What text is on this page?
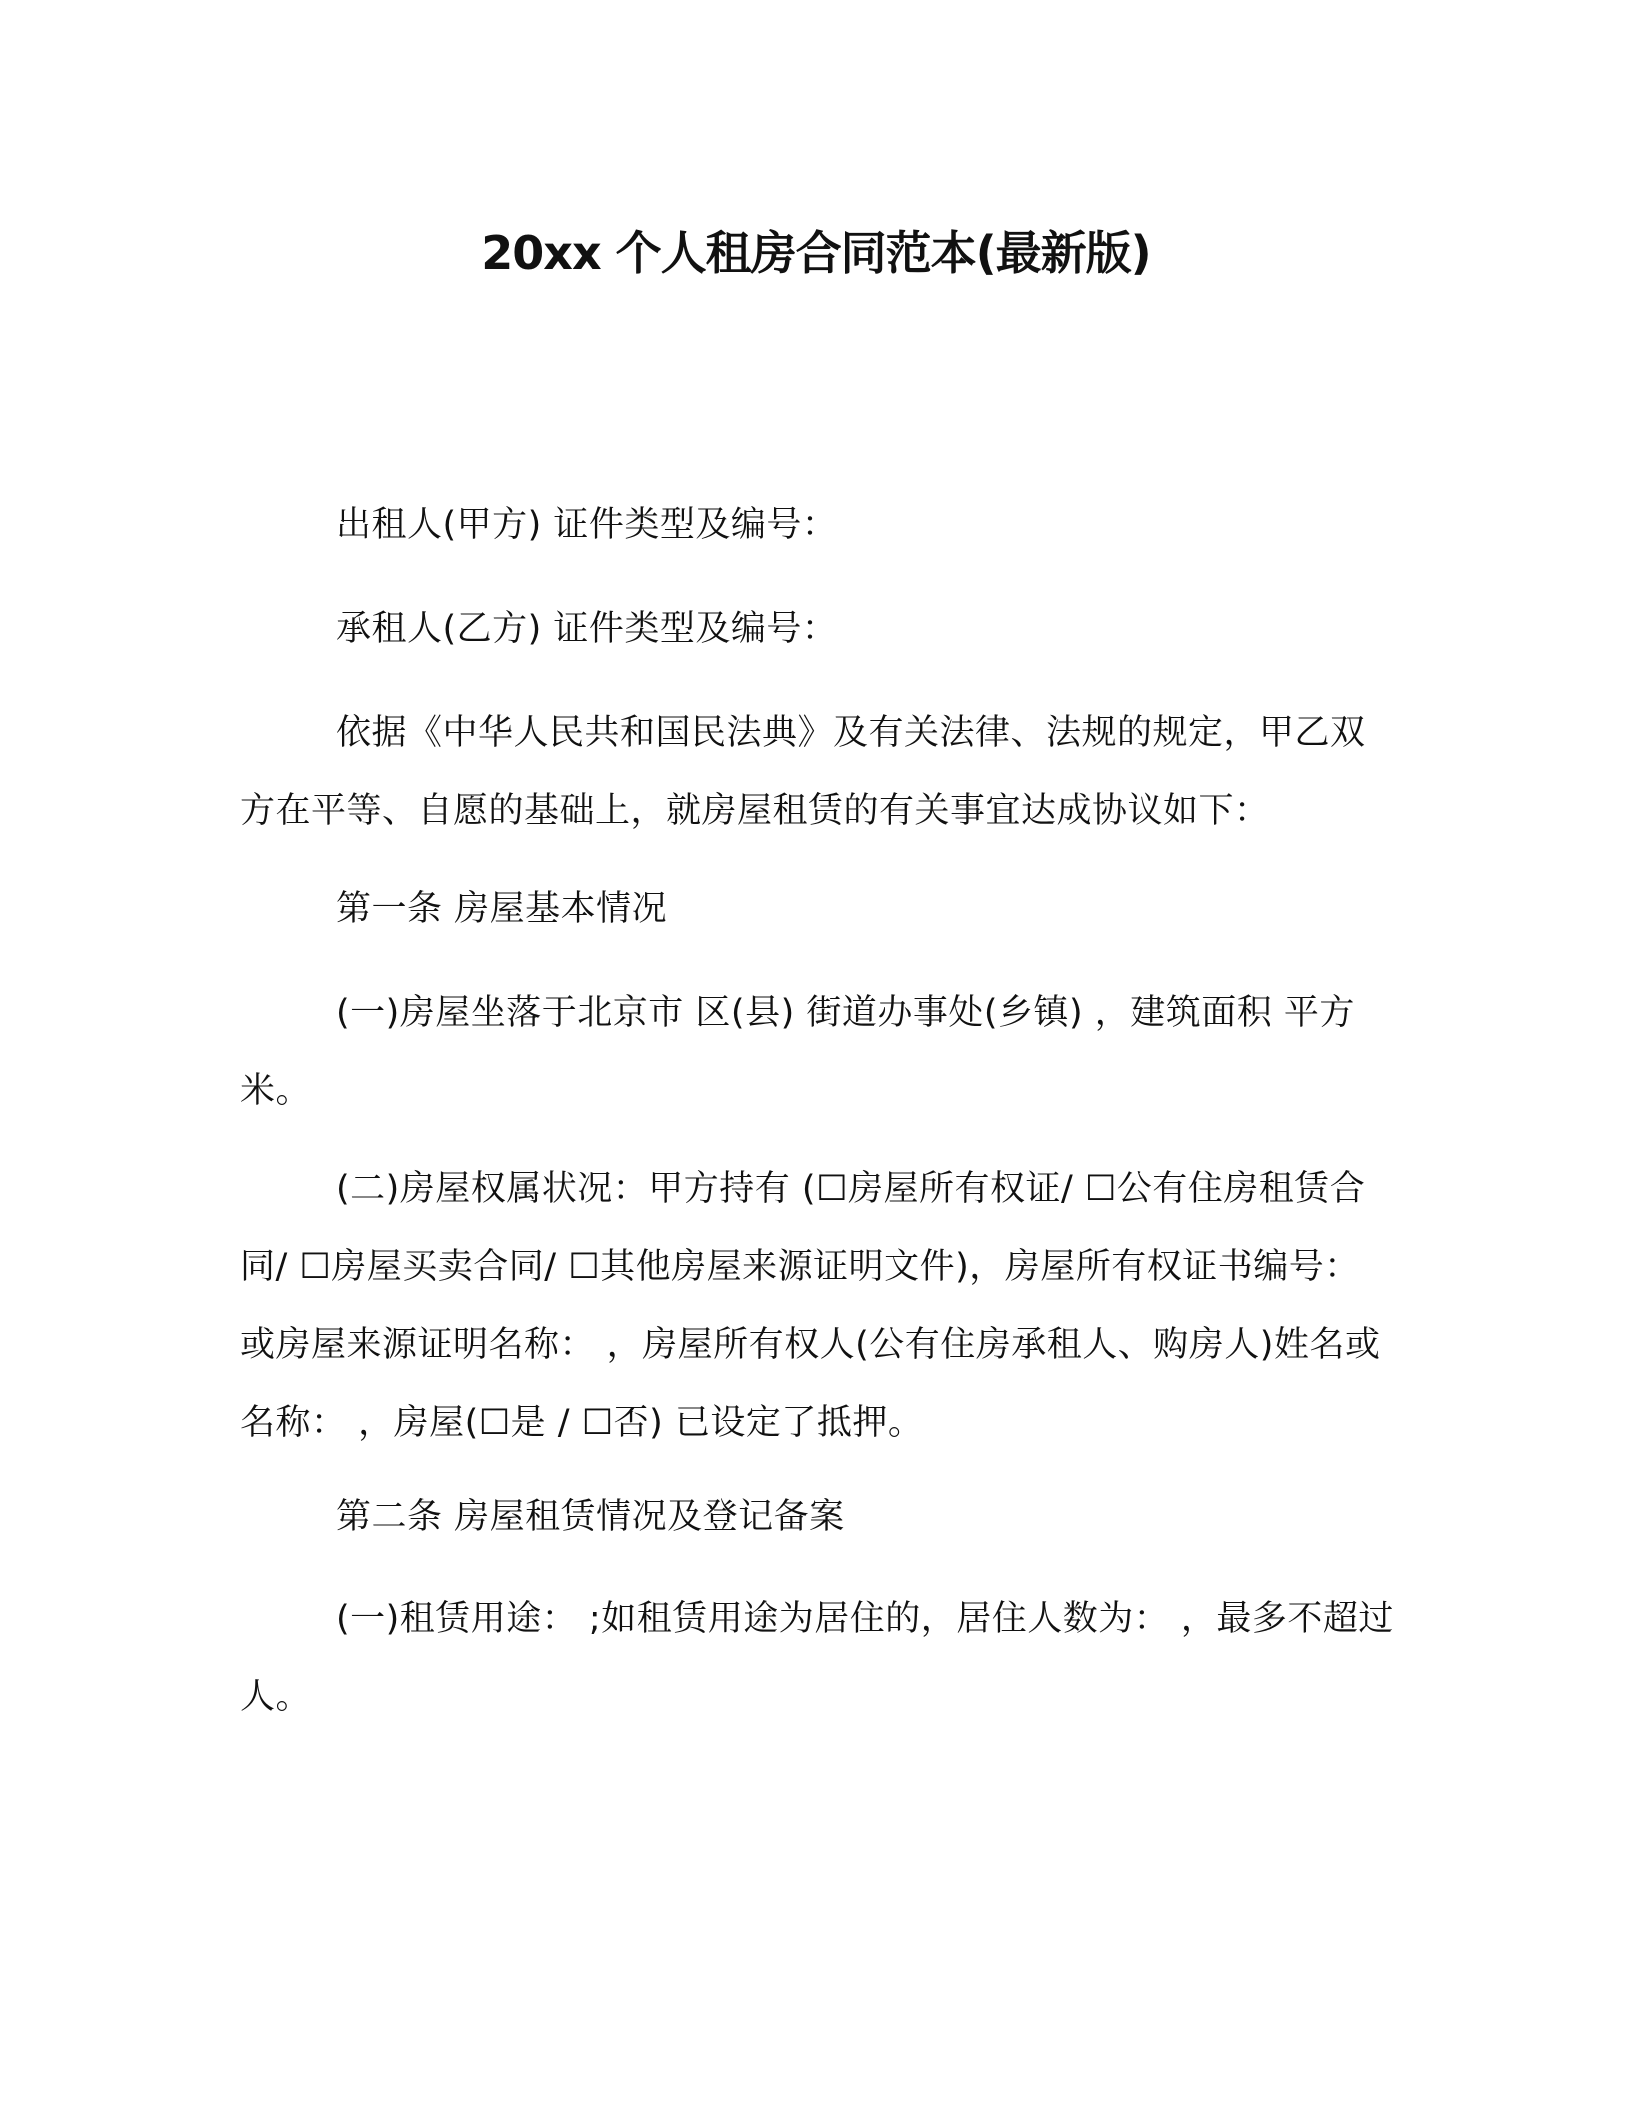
20xx 个人租房合同范本(最新版)

出租人(甲方) 证件类型及编号：

承租人(乙方) 证件类型及编号：

依据《中华人民共和国民法典》及有关法律、法规的规定，甲乙双方在平等、自愿的基础上，就房屋租赁的有关事宜达成协议如下：

第一条 房屋基本情况

(一)房屋坐落于北京市 区(县) 街道办事处(乡镇) ，建筑面积 平方米。

(二)房屋权属状况：甲方持有 (☐房屋所有权证/ ☐公有住房租赁合同/ ☐房屋买卖合同/ ☐其他房屋来源证明文件)，房屋所有权证书编号： 或房屋来源证明名称： ，房屋所有权人(公有住房承租人、购房人)姓名或名称： ，房屋(☐是 / ☐否) 已设定了抵押。

第二条 房屋租赁情况及登记备案

(一)租赁用途： ;如租赁用途为居住的，居住人数为： ，最多不超过 人。
